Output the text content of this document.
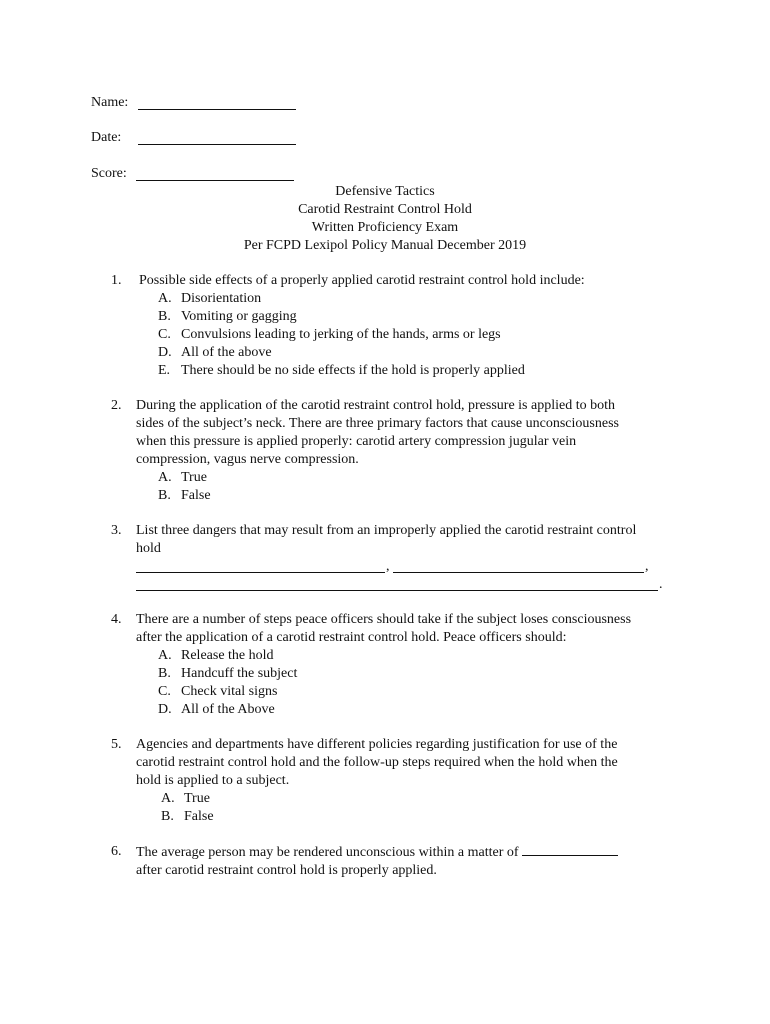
Name:
Date:
Score:
Defensive Tactics
Carotid Restraint Control Hold
Written Proficiency Exam
Per FCPD Lexipol Policy Manual December 2019
1. Possible side effects of a properly applied carotid restraint control hold include:
A. Disorientation
B. Vomiting or gagging
C. Convulsions leading to jerking of the hands, arms or legs
D. All of the above
E. There should be no side effects if the hold is properly applied
2. During the application of the carotid restraint control hold, pressure is applied to both
sides of the subject’s neck. There are three primary factors that cause unconsciousness
when this pressure is applied properly: carotid artery compression jugular vein
compression, vagus nerve compression.
A. True
B. False
3. List three dangers that may result from an improperly applied the carotid restraint control
hold
,	,
.
4. There are a number of steps peace officers should take if the subject loses consciousness
after the application of a carotid restraint control hold. Peace officers should:
A. Release the hold
B. Handcuff the subject
C. Check vital signs
D. All of the Above
5. Agencies and departments have different policies regarding justification for use of the
carotid restraint control hold and the follow-up steps required when the hold when the
hold is applied to a subject.
A. True
B. False
6. The average person may be rendered unconscious within a matter of
after carotid restraint control hold is properly applied.
